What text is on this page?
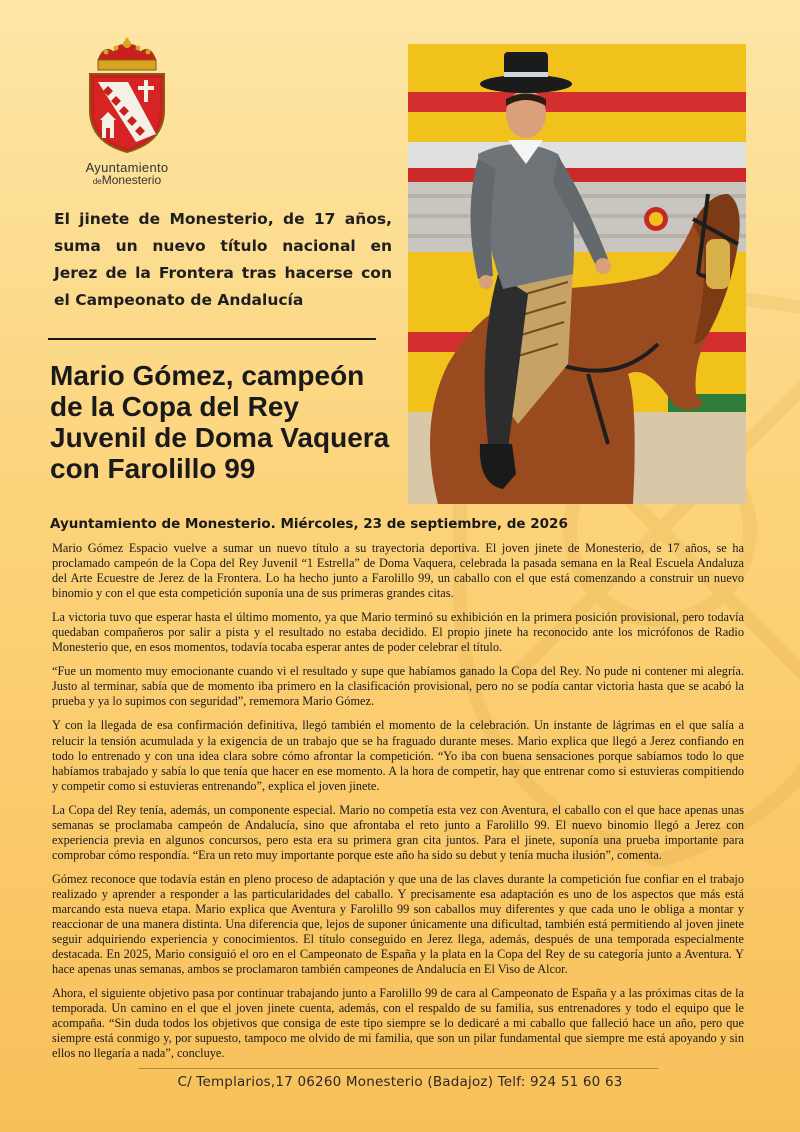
Ayuntamiento
deMonesterio
El jinete de Monesterio, de 17 años, suma un nuevo título nacional en Jerez de la Frontera tras hacerse con el Campeonato de Andalucía
Mario Gómez, campeón de la Copa del Rey Juvenil de Doma Vaquera con Farolillo 99
Ayuntamiento de Monesterio. Miércoles, 23 de septiembre, de 2026

Mario Gómez Espacio vuelve a sumar un nuevo título a su trayectoria deportiva. El joven jinete de Monesterio, de 17 años, se ha proclamado campeón de la Copa del Rey Juvenil “1 Estrella” de Doma Vaquera, celebrada la pasada semana en la Real Escuela Andaluza del Arte Ecuestre de Jerez de la Frontera. Lo ha hecho junto a Farolillo 99, un caballo con el que está comenzando a construir un nuevo binomio y con el que esta competición suponía una de sus primeras grandes citas.

La victoria tuvo que esperar hasta el último momento, ya que Mario terminó su exhibición en la primera posición provisional, pero todavía quedaban compañeros por salir a pista y el resultado no estaba decidido. El propio jinete ha reconocido ante los micrófonos de Radio Monesterio que, en esos momentos, todavía tocaba esperar antes de poder celebrar el título.

“Fue un momento muy emocionante cuando vi el resultado y supe que habíamos ganado la Copa del Rey. No pude ni contener mi alegría. Justo al terminar, sabía que de momento iba primero en la clasificación provisional, pero no se podía cantar victoria hasta que se acabó la prueba y ya lo supimos con seguridad”, rememora Mario Gómez.

Y con la llegada de esa confirmación definitiva, llegó también el momento de la celebración. Un instante de lágrimas en el que salía a relucir la tensión acumulada y la exigencia de un trabajo que se ha fraguado durante meses. Mario explica que llegó a Jerez confiando en todo lo entrenado y con una idea clara sobre cómo afrontar la competición. “Yo iba con buena sensaciones porque sabíamos todo lo que habíamos trabajado y sabía lo que tenía que hacer en ese momento. A la hora de competir, hay que entrenar como si estuvieras compitiendo y competir como si estuvieras entrenando”, explica el joven jinete.

La Copa del Rey tenía, además, un componente especial. Mario no competía esta vez con Aventura, el caballo con el que hace apenas unas semanas se proclamaba campeón de Andalucía, sino que afrontaba el reto junto a Farolillo 99. El nuevo binomio llegó a Jerez con experiencia previa en algunos concursos, pero esta era su primera gran cita juntos. Para el jinete, suponía una prueba importante para comprobar cómo respondía. “Era un reto muy importante porque este año ha sido su debut y tenía mucha ilusión”, comenta.

Gómez reconoce que todavía están en pleno proceso de adaptación y que una de las claves durante la competición fue confiar en el trabajo realizado y aprender a responder a las particularidades del caballo. Y precisamente esa adaptación es uno de los aspectos que más está marcando esta nueva etapa. Mario explica que Aventura y Farolillo 99 son caballos muy diferentes y que cada uno le obliga a montar y reaccionar de una manera distinta. Una diferencia que, lejos de suponer únicamente una dificultad, también está permitiendo al joven jinete seguir adquiriendo experiencia y conocimientos. El título conseguido en Jerez llega, además, después de una temporada especialmente destacada. En 2025, Mario consiguió el oro en el Campeonato de España y la plata en la Copa del Rey de su categoría junto a Aventura. Y hace apenas unas semanas, ambos se proclamaron también campeones de Andalucía en El Viso de Alcor.

Ahora, el siguiente objetivo pasa por continuar trabajando junto a Farolillo 99 de cara al Campeonato de España y a las próximas citas de la temporada. Un camino en el que el joven jinete cuenta, además, con el respaldo de su familia, sus entrenadores y todo el equipo que le acompaña. “Sin duda todos los objetivos que consiga de este tipo siempre se lo dedicaré a mi caballo que falleció hace un año, pero que siempre está conmigo y, por supuesto, tampoco me olvido de mi familia, que son un pilar fundamental que siempre me está apoyando y sin ellos no llegaría a nada”, concluye.

C/ Templarios,17 06260 Monesterio (Badajoz) Telf: 924 51 60 63
